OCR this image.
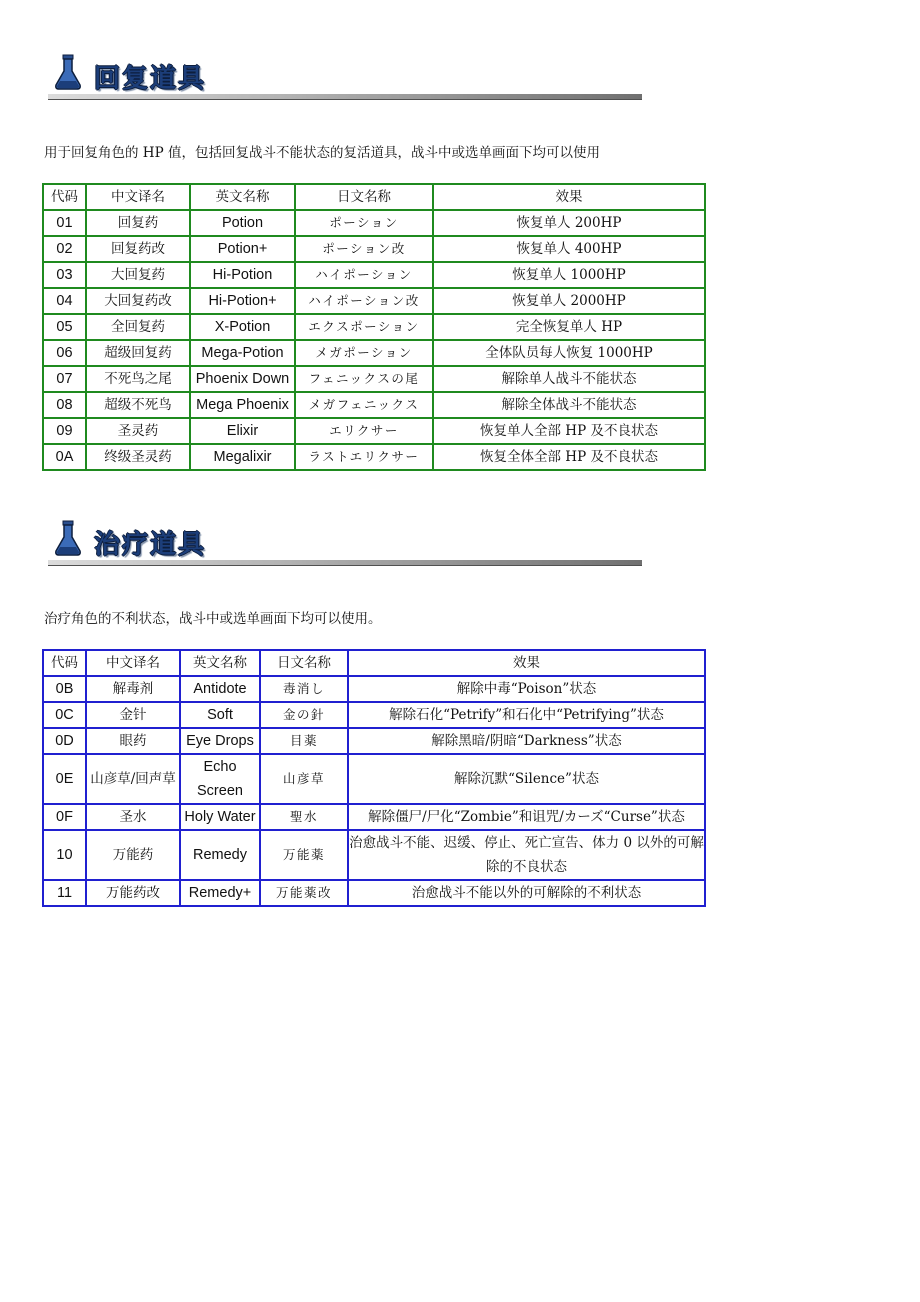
回复道具
用于回复角色的 HP 值，包括回复战斗不能状态的复活道具，战斗中或选单画面下均可以使用
代码	中文译名	英文名称	日文名称	效果
01	回复药	Potion	ポーション	恢复单人 200HP
02	回复药改	Potion+	ポーション改	恢复单人 400HP
03	大回复药	Hi-Potion	ハイポーション	恢复单人 1000HP
04	大回复药改	Hi-Potion+	ハイポーション改	恢复单人 2000HP
05	全回复药	X-Potion	エクスポーション	完全恢复单人 HP
06	超级回复药	Mega-Potion	メガポーション	全体队员每人恢复 1000HP
07	不死鸟之尾	Phoenix Down	フェニックスの尾	解除单人战斗不能状态
08	超级不死鸟	Mega Phoenix	メガフェニックス	解除全体战斗不能状态
09	圣灵药	Elixir	エリクサー	恢复单人全部 HP 及不良状态
0A	终级圣灵药	Megalixir	ラストエリクサー	恢复全体全部 HP 及不良状态
治疗道具
治疗角色的不利状态，战斗中或选单画面下均可以使用。
代码	中文译名	英文名称	日文名称	效果
0B	解毒剂	Antidote	毒消し	解除中毒“Poison”状态
0C	金针	Soft	金の針	解除石化“Petrify”和石化中“Petrifying”状态
0D	眼药	Eye Drops	目薬	解除黑暗/阴暗“Darkness”状态
0E	山彦草/回声草	Echo Screen	山彦草	解除沉默“Silence”状态
0F	圣水	Holy Water	聖水	解除僵尸/尸化“Zombie”和诅咒/カーズ“Curse”状态
10	万能药	Remedy	万能薬	治愈战斗不能、迟缓、停止、死亡宣告、体力 0 以外的可解除的不良状态
11	万能药改	Remedy+	万能薬改	治愈战斗不能以外的可解除的不利状态
